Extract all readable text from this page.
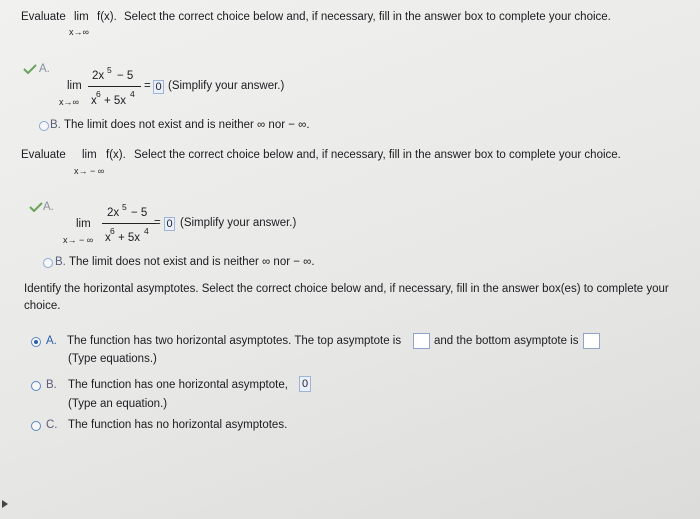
Evaluate lim f(x). Select the correct choice below and, if necessary, fill in the answer box to complete your choice.
x→∞
A.
2x 5 − 5
lim
x→∞
6
x + 5x
4
= 0 (Simplify your answer.)
B. The limit does not exist and is neither ∞ nor − ∞.
Evaluate lim f(x). Select the correct choice below and, if necessary, fill in the answer box to complete your choice.
x→ − ∞
A.	2x 5 − 5
lim
x→ − ∞
6
x + 5x
4
= 0 (Simplify your answer.)
B. The limit does not exist and is neither ∞ nor − ∞.
Identify the horizontal asymptotes. Select the correct choice below and, if necessary, fill in the answer box(es) to complete your
choice.
A. The function has two horizontal asymptotes. The top asymptote is	and the bottom asymptote is
(Type equations.)
B. The function has one horizontal asymptote, 0
(Type an equation.)
C. The function has no horizontal asymptotes.
